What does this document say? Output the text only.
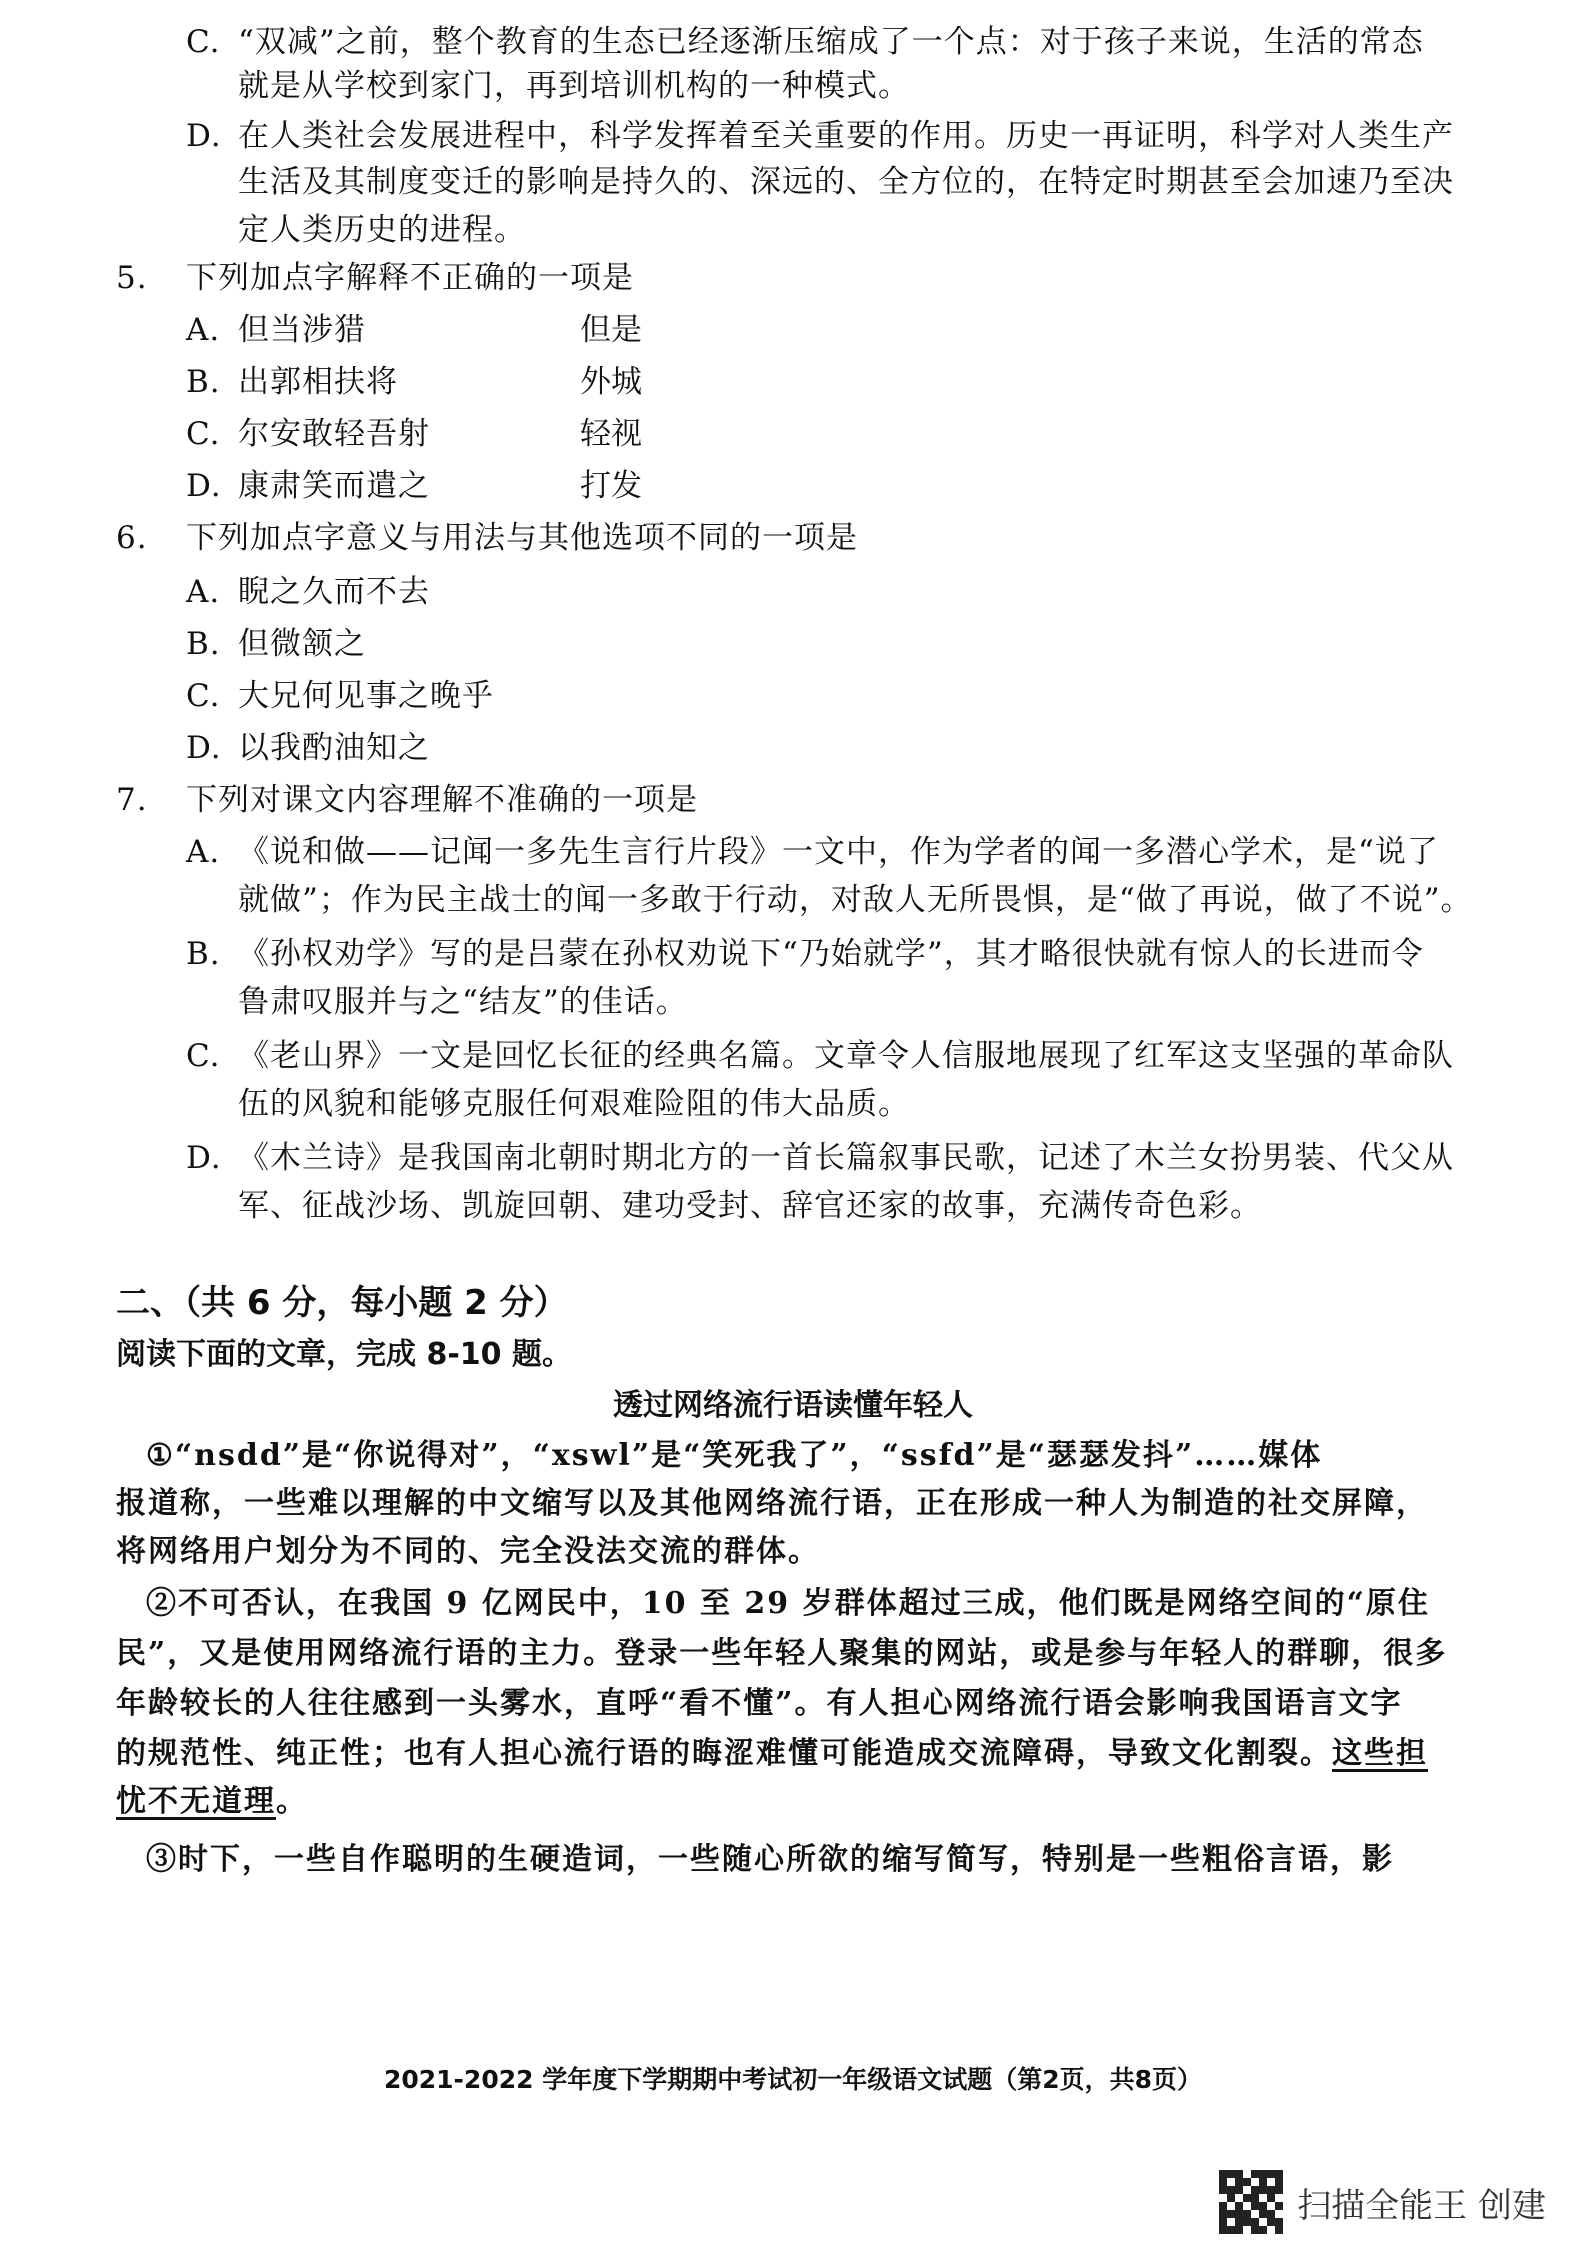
C. “双减”之前，整个教育的生态已经逐渐压缩成了一个点：对于孩子来说，生活的常态
就是从学校到家门，再到培训机构的一种模式。
D. 在人类社会发展进程中，科学发挥着至关重要的作用。历史一再证明，科学对人类生产
生活及其制度变迁的影响是持久的、深远的、全方位的，在特定时期甚至会加速乃至决
定人类历史的进程。
5. 下列加点字解释不正确的一项是
A. 但当涉猎	但是
B. 出郭相扶将	外城
C. 尔安敢轻吾射	轻视
D. 康肃笑而遣之	打发
6. 下列加点字意义与用法与其他选项不同的一项是
A. 睨之久而不去
B. 但微颔之
C. 大兄何见事之晚乎
D. 以我酌油知之
7. 下列对课文内容理解不准确的一项是
A. 《说和做——记闻一多先生言行片段》一文中，作为学者的闻一多潜心学术，是“说了
就做”；作为民主战士的闻一多敢于行动，对敌人无所畏惧，是“做了再说，做了不说”。
B. 《孙权劝学》写的是吕蒙在孙权劝说下“乃始就学”，其才略很快就有惊人的长进而令
鲁肃叹服并与之“结友”的佳话。
C. 《老山界》一文是回忆长征的经典名篇。文章令人信服地展现了红军这支坚强的革命队
伍的风貌和能够克服任何艰难险阻的伟大品质。
D. 《木兰诗》是我国南北朝时期北方的一首长篇叙事民歌，记述了木兰女扮男装、代父从
军、征战沙场、凯旋回朝、建功受封、辞官还家的故事，充满传奇色彩。
二、（共 6 分，每小题 2 分）
阅读下面的文章，完成 8-10 题。
透过网络流行语读懂年轻人
①“nsdd”是“你说得对”，“xswl”是“笑死我了”，“ssfd”是“瑟瑟发抖”……媒体
报道称，一些难以理解的中文缩写以及其他网络流行语，正在形成一种人为制造的社交屏障，
将网络用户划分为不同的、完全没法交流的群体。
②不可否认，在我国 9 亿网民中，10 至 29 岁群体超过三成，他们既是网络空间的“原住
民”，又是使用网络流行语的主力。登录一些年轻人聚集的网站，或是参与年轻人的群聊，很多
年龄较长的人往往感到一头雾水，直呼“看不懂”。有人担心网络流行语会影响我国语言文字
的规范性、纯正性；也有人担心流行语的晦涩难懂可能造成交流障碍，导致文化割裂。这些担
忧不无道理。
③时下，一些自作聪明的生硬造词，一些随心所欲的缩写简写，特别是一些粗俗言语，影
2021-2022 学年度下学期期中考试初一年级语文试题（第2页，共8页）
扫描全能王 创建
